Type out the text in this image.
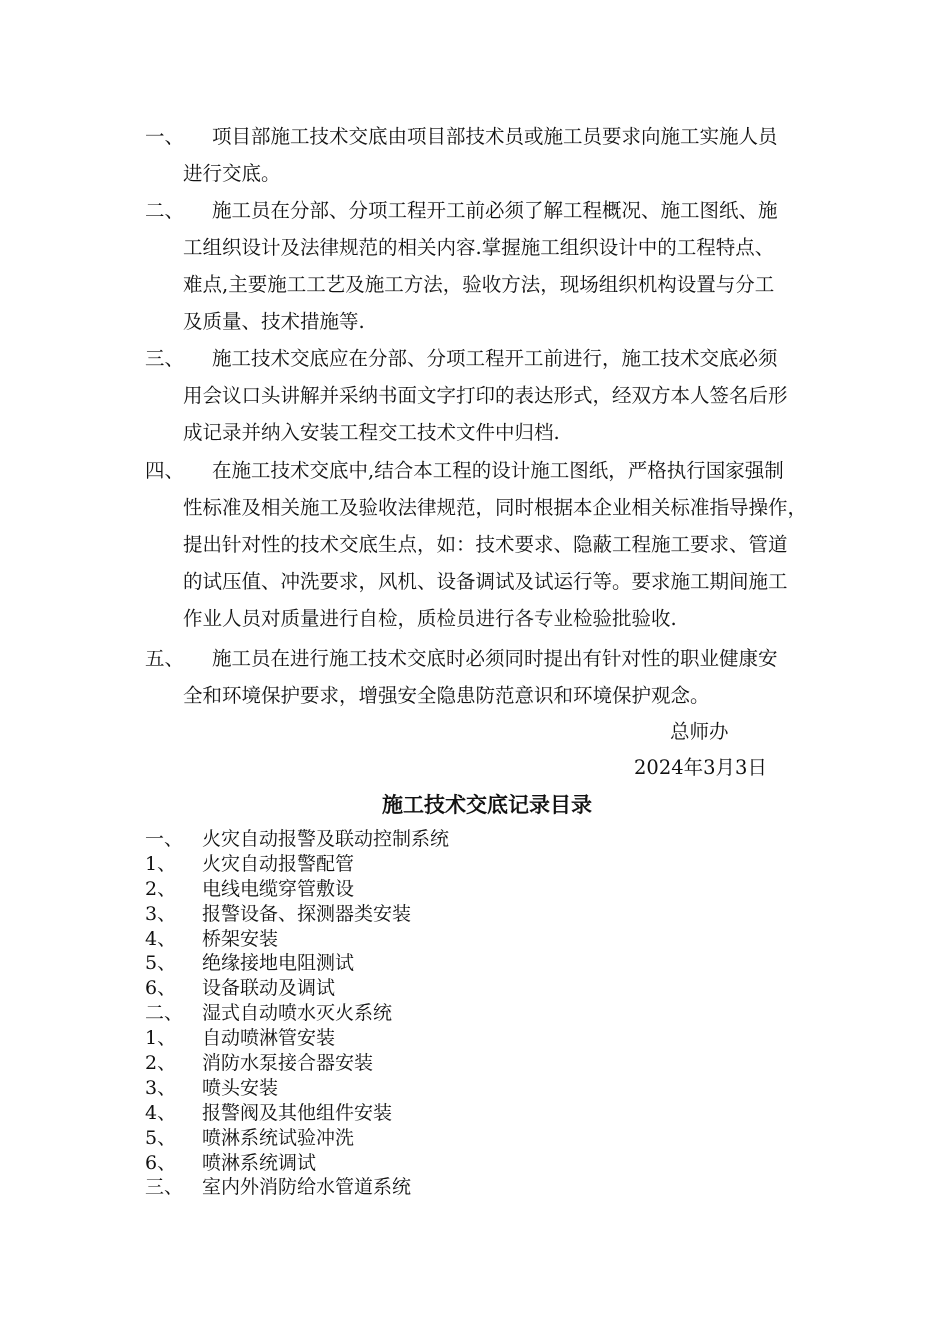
一、	项目部施工技术交底由项目部技术员或施工员要求向施工实施人员
进行交底。
二、	施工员在分部、分项工程开工前必须了解工程概况、施工图纸、施
工组织设计及法律规范的相关内容.掌握施工组织设计中的工程特点、
难点,主要施工工艺及施工方法，验收方法，现场组织机构设置与分工
及质量、技术措施等.
三、	施工技术交底应在分部、分项工程开工前进行，施工技术交底必须
用会议口头讲解并采纳书面文字打印的表达形式，经双方本人签名后形
成记录并纳入安装工程交工技术文件中归档.
四、	在施工技术交底中,结合本工程的设计施工图纸，严格执行国家强制
性标准及相关施工及验收法律规范，同时根据本企业相关标准指导操作，
提出针对性的技术交底生点，如：技术要求、隐蔽工程施工要求、管道
的试压值、冲洗要求，风机、设备调试及试运行等。要求施工期间施工
作业人员对质量进行自检，质检员进行各专业检验批验收.
五、	施工员在进行施工技术交底时必须同时提出有针对性的职业健康安
全和环境保护要求，增强安全隐患防范意识和环境保护观念。
总师办
2024年3月3日
施工技术交底记录目录
一、 火灾自动报警及联动控制系统
1、 火灾自动报警配管
2、 电线电缆穿管敷设
3、 报警设备、探测器类安装
4、 桥架安装
5、 绝缘接地电阻测试
6、 设备联动及调试
二、 湿式自动喷水灭火系统
1、 自动喷淋管安装
2、 消防水泵接合器安装
3、 喷头安装
4、 报警阀及其他组件安装
5、 喷淋系统试验冲洗
6、 喷淋系统调试
三、 室内外消防给水管道系统
